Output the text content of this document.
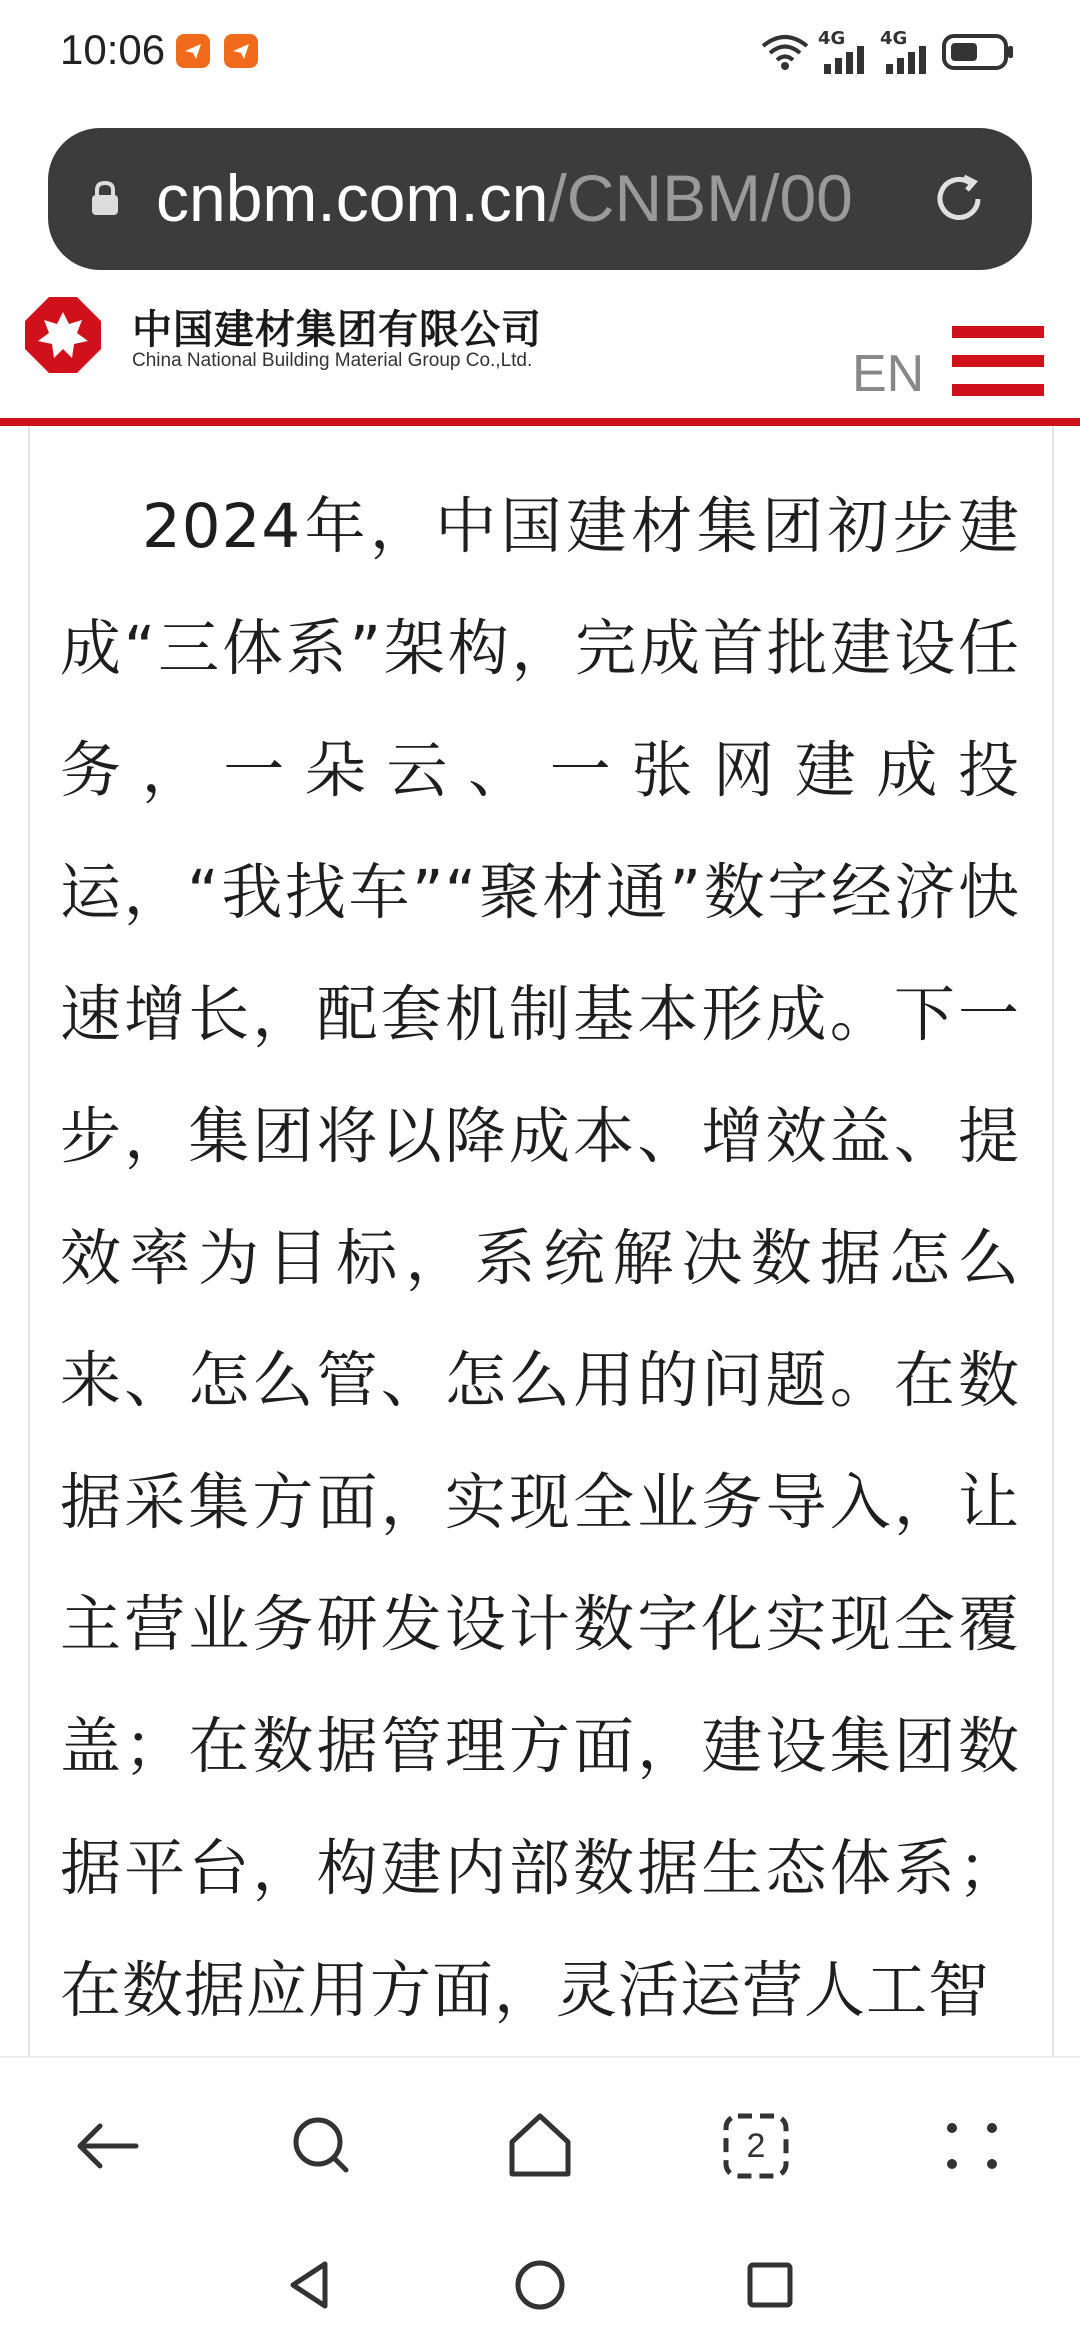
10:06	4G 4G
cnbm.com.cn/CNBM/00
中国建材集团有限公司
China National Building Material Group Co.,Ltd.	EN

2024年，中国建材集团初步建成“三体系”架构，完成首批建设任务，一朵云、一张网建成投运，“我找车”“聚材通”数字经济快速增长，配套机制基本形成。下一步，集团将以降成本、增效益、提效率为目标，系统解决数据怎么来、怎么管、怎么用的问题。在数据采集方面，实现全业务导入，让主营业务研发设计数字化实现全覆盖；在数据管理方面，建设集团数据平台，构建内部数据生态体系；在数据应用方面，灵活运营人工智

2
